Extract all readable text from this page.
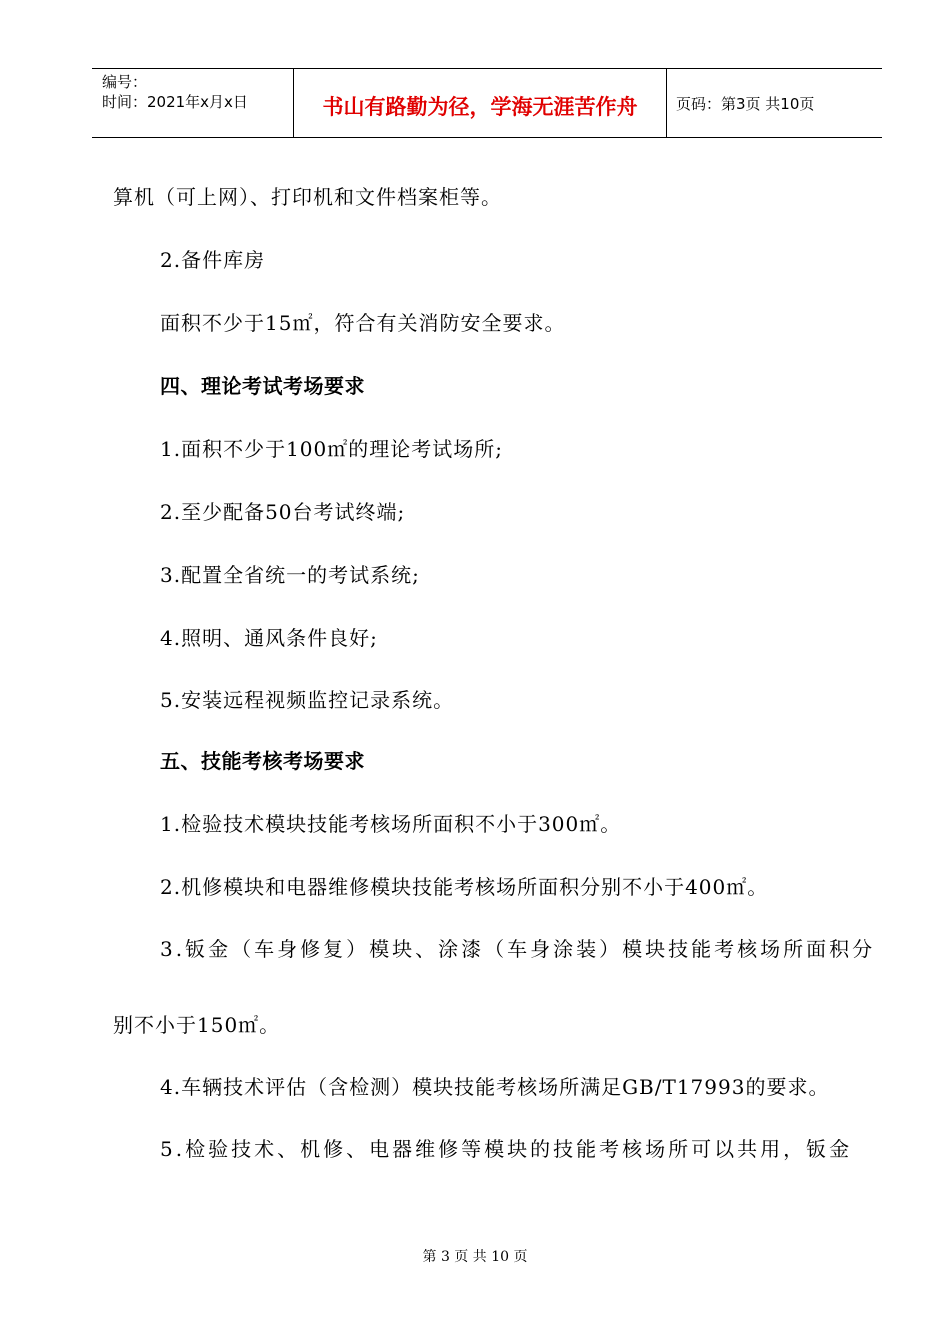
编号：
时间：2021年x月x日	书山有路勤为径，学海无涯苦作舟	页码：第3页 共10页
算机（可上网）、打印机和文件档案柜等。
2.备件库房
面积不少于15㎡，符合有关消防安全要求。
四、理论考试考场要求
1.面积不少于100㎡的理论考试场所;
2.至少配备50台考试终端;
3.配置全省统一的考试系统;
4.照明、通风条件良好;
5.安装远程视频监控记录系统。
五、技能考核考场要求
1.检验技术模块技能考核场所面积不小于300㎡。
2.机修模块和电器维修模块技能考核场所面积分别不小于400㎡。
3.钣金（车身修复）模块、涂漆（车身涂装）模块技能考核场所面积分
别不小于150㎡。
4.车辆技术评估（含检测）模块技能考核场所满足GB/T17993的要求。
5.检验技术、机修、电器维修等模块的技能考核场所可以共用，钣金
第 3 页 共 10 页
